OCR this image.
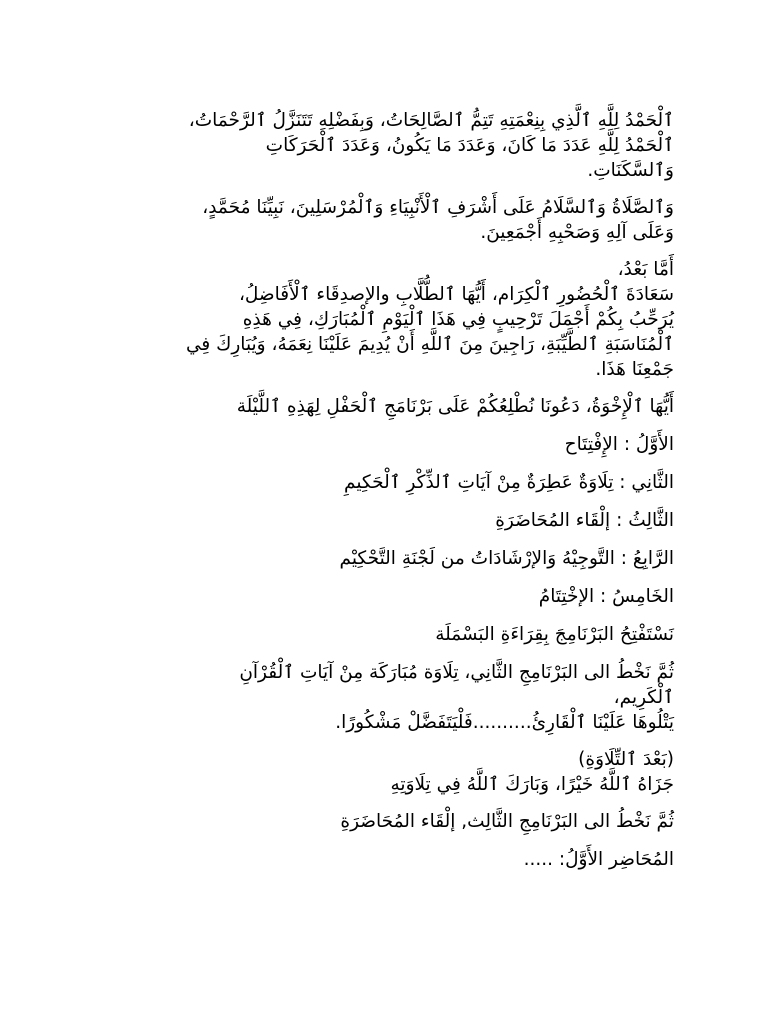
ٱلْحَمْدُ لِلَّهِ ٱلَّذِي بِنِعْمَتِهِ تَتِمُّ ٱلصَّالِحَاتُ، وَبِفَضْلِهِ تَتَنَزَّلُ ٱلرَّحْمَاتُ،
ٱلْحَمْدُ لِلَّهِ عَدَدَ مَا كَانَ، وَعَدَدَ مَا يَكُونُ، وَعَدَدَ ٱلْحَرَكَاتِ
وَٱلسَّكَنَاتِ.

وَٱلصَّلَاةُ وَٱلسَّلَامُ عَلَى أَشْرَفِ ٱلْأَنْبِيَاءِ وَٱلْمُرْسَلِينَ، نَبِيِّنَا مُحَمَّدٍ،
وَعَلَى آلِهِ وَصَحْبِهِ أَجْمَعِينَ.

أَمَّا بَعْدُ،
سَعَادَةَ ٱلْحُضُورِ ٱلْكِرَام، أَيُّهَا ٱلطُّلَّابِ والإصدِقَاء ٱلْأَفَاضِلُ،
يُرَحِّبُ بِكُمْ أَجْمَلَ تَرْحِيبٍ فِي هَذَا ٱلْيَوْمِ ٱلْمُبَارَكِ، فِي هَذِهِ
ٱلْمُنَاسَبَةِ ٱلطَّيِّبَةِ، رَاجِينَ مِنَ ٱللَّهِ أَنْ يُدِيمَ عَلَيْنَا نِعَمَهُ، وَيُبَارِكَ فِي
جَمْعِنَا هَذَا.

أَيُّهَا ٱلْإِخْوَةُ، دَعُونَا نُطْلِعُكُمْ عَلَى بَرْنَامَجِ ٱلْحَفْلِ لِهَذِهِ ٱللَّيْلَة

الأَوَّلُ : الإِفْتِتَاح

الثَّانِي : تِلَاوَةٌ عَطِرَةٌ مِنْ آيَاتِ ٱلذِّكْرِ ٱلْحَكِيمِ

الثَّالِثُ : إلْقَاء المُحَاضَرَةِ

الرَّابِعُ : التَّوجِيْهُ وَالإرْشَادَاتُ من لَجْنَةِ التَّحْكِيْم

الخَامِسُ : الإخْتِتَامُ

نَسْتَفْتِحُ البَرْنَامِجَ بِقِرَاءَةِ البَسْمَلَة

ثُمَّ نَخْطُ الى البَرْنَامِجِ الثَّانِي، تِلَاوَة مُبَارَكَة مِنْ آيَاتِ ٱلْقُرْآنِ
ٱلْكَرِيم،
يَتْلُوهَا عَلَيْنَا ٱلْقَارِئُ..........فَلْيَتَفَضَّلْ مَشْكُورًا.

(بَعْدَ ٱلتِّلَاوَةِ)
جَزَاهُ ٱللَّهُ خَيْرًا، وَبَارَكَ ٱللَّهُ فِي تِلَاوَتِهِ

ثُمَّ نَخْطُ الى البَرْنَامِجِ الثَّالِث, إلْقَاء المُحَاضَرَةِ

المُحَاضِر الأَوَّلُ: .....
